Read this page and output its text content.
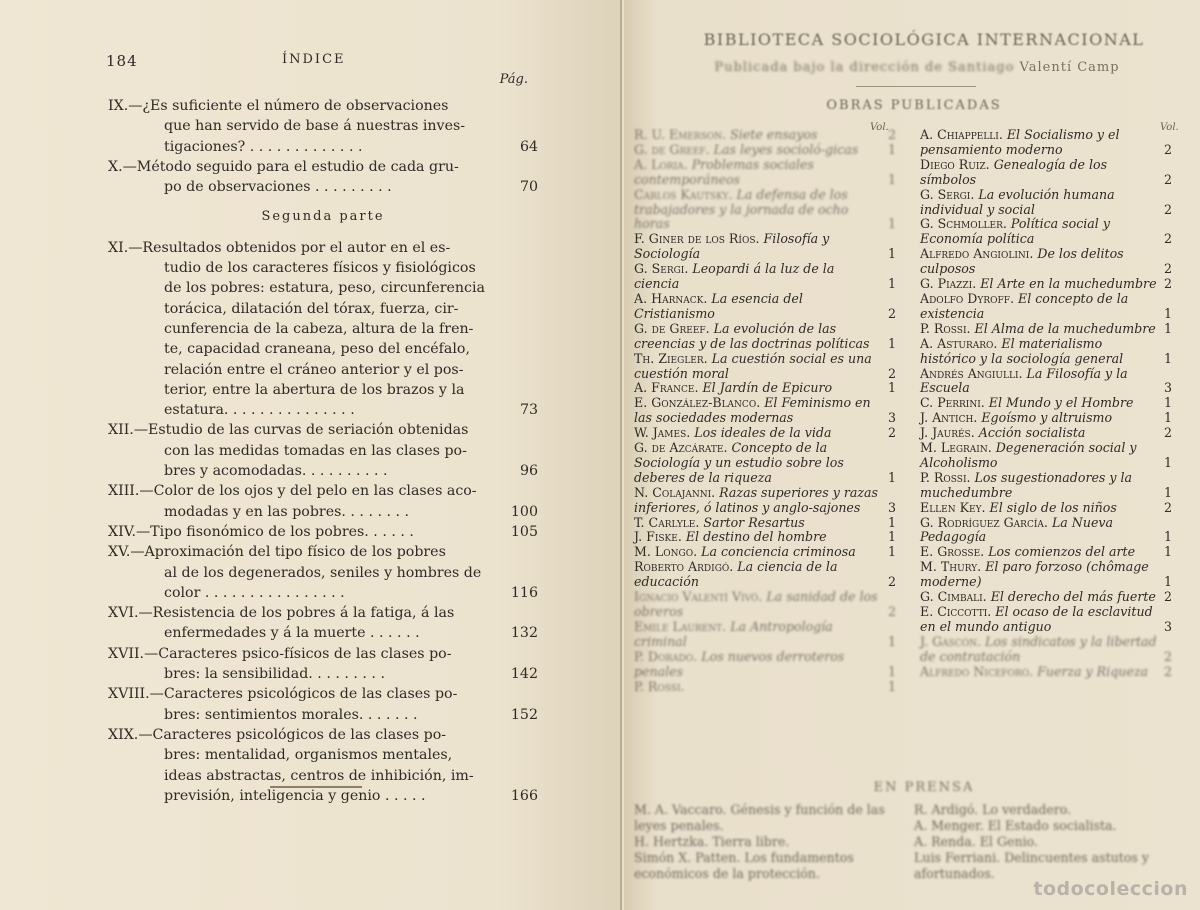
184	ÍNDICE
Pág.
IX.—¿Es suficiente el número de observaciones
que han servido de base á nuestras inves-
tigaciones? . . . . . . . . . . . . .	64
X.—Método seguido para el estudio de cada gru-
po de observaciones . . . . . . . . .	70
Segunda parte
XI.—Resultados obtenidos por el autor en el es-
tudio de los caracteres físicos y fisiológicos
de los pobres: estatura, peso, circunferencia
torácica, dilatación del tórax, fuerza, cir-
cunferencia de la cabeza, altura de la fren-
te, capacidad craneana, peso del encéfalo,
relación entre el cráneo anterior y el pos-
terior, entre la abertura de los brazos y la
estatura. . . . . . . . . . . . . . .	73
XII.—Estudio de las curvas de seriación obtenidas
con las medidas tomadas en las clases po-
bres y acomodadas. . . . . . . . . .	96
XIII.—Color de los ojos y del pelo en las clases aco-
modadas y en las pobres. . . . . . . .	100
XIV.—Tipo fisonómico de los pobres. . . . . .	105
XV.—Aproximación del tipo físico de los pobres
al de los degenerados, seniles y hombres de
color . . . . . . . . . . . . . . . .	116
XVI.—Resistencia de los pobres á la fatiga, á las
enfermedades y á la muerte . . . . . .	132
XVII.—Caracteres psico-físicos de las clases po-
bres: la sensibilidad. . . . . . . . .	142
XVIII.—Caracteres psicológicos de las clases po-
bres: sentimientos morales. . . . . . .	152
XIX.—Caracteres psicológicos de las clases po-
bres: mentalidad, organismos mentales,
ideas abstractas, centros de inhibición, im-
previsión, inteligencia y genio . . . . .	166
BIBLIOTECA SOCIOLÓGICA INTERNACIONAL
Publicada bajo la dirección de Santiago Valentí Camp
OBRAS PUBLICADAS
Vol.	Vol.
R. U. Emerson. Siete ensayos	2
G. de Greef. Las leyes socioló-gicas 1
A. Loria. Problemas sociales contemporáneos	1
Carlos Kautsky. La defensa de los trabajadores y la jornada de ocho horas	1
F. Giner de los Ríos. Filosofía y Sociología	1
G. Sergi. Leopardi á la luz de la ciencia	1
A. Harnack. La esencia del Cristianismo	2
G. de Greef. La evolución de las creencias y de las doctrinas políticas 1
Th. Ziegler. La cuestión social es una cuestión moral	2
A. France. El Jardín de Epicuro	1
E. González-Blanco. El Feminismo en las sociedades modernas	3
W. James. Los ideales de la vida	2
G. de Azcárate. Concepto de la Sociología y un estudio sobre los deberes de la riqueza	1
N. Colajanni. Razas superiores y razas inferiores, ó latinos y anglo-sajones 3
T. Carlyle. Sartor Resartus	1
J. Fiske. El destino del hombre	1
M. Longo. La conciencia criminosa	1
Roberto Ardigó. La ciencia de la educación	2
Ignacio Valentí Vivó. La sanidad de los obreros	2
Emile Laurent. La Antropología criminal	1
P. Dorado. Los nuevos derroteros penales	1
P. Rossi.	1
A. Chiappelli. El Socialismo y el pensamiento moderno	2
Diego Ruiz. Genealogía de los símbolos	2
G. Sergi. La evolución humana individual y social	2
G. Schmoller. Política social y Economía política	2
Alfredo Angiolini. De los delitos culposos	2
G. Piazzi. El Arte en la muchedumbre 2
Adolfo Dyroff. El concepto de la existencia	1
P. Rossi. El Alma de la muchedumbre 1
A. Asturaro. El materialismo histórico y la sociología general	1
Andrés Angiulli. La Filosofía y la Escuela	3
C. Perrini. El Mundo y el Hombre 1
J. Antich. Egoísmo y altruismo	1
J. Jaurés. Acción socialista	2
M. Legrain. Degeneración social y Alcoholismo	1
P. Rossi. Los sugestionadores y la muchedumbre	1
Ellen Key. El siglo de los niños	2
G. Rodríguez García. La Nueva Pedagogía	1
E. Grosse. Los comienzos del arte 1
M. Thury. El paro forzoso (chômage moderne)	1
G. Cimbali. El derecho del más fuerte 2
E. Ciccotti. El ocaso de la esclavitud en el mundo antiguo	3
J. Gascón. Los sindicatos y la libertad de contratación	2
Alfredo Niceforo. Fuerza y Riqueza 2
EN PRENSA
M. A. Vaccaro. Génesis y función de las leyes penales.
H. Hertzka. Tierra libre.
Simón X. Patten. Los fundamentos económicos de la protección.
R. Ardigó. Lo verdadero.
A. Menger. El Estado socialista.
A. Renda. El Genio.
Luis Ferriani. Delincuentes astutos y afortunados.
todocoleccion
